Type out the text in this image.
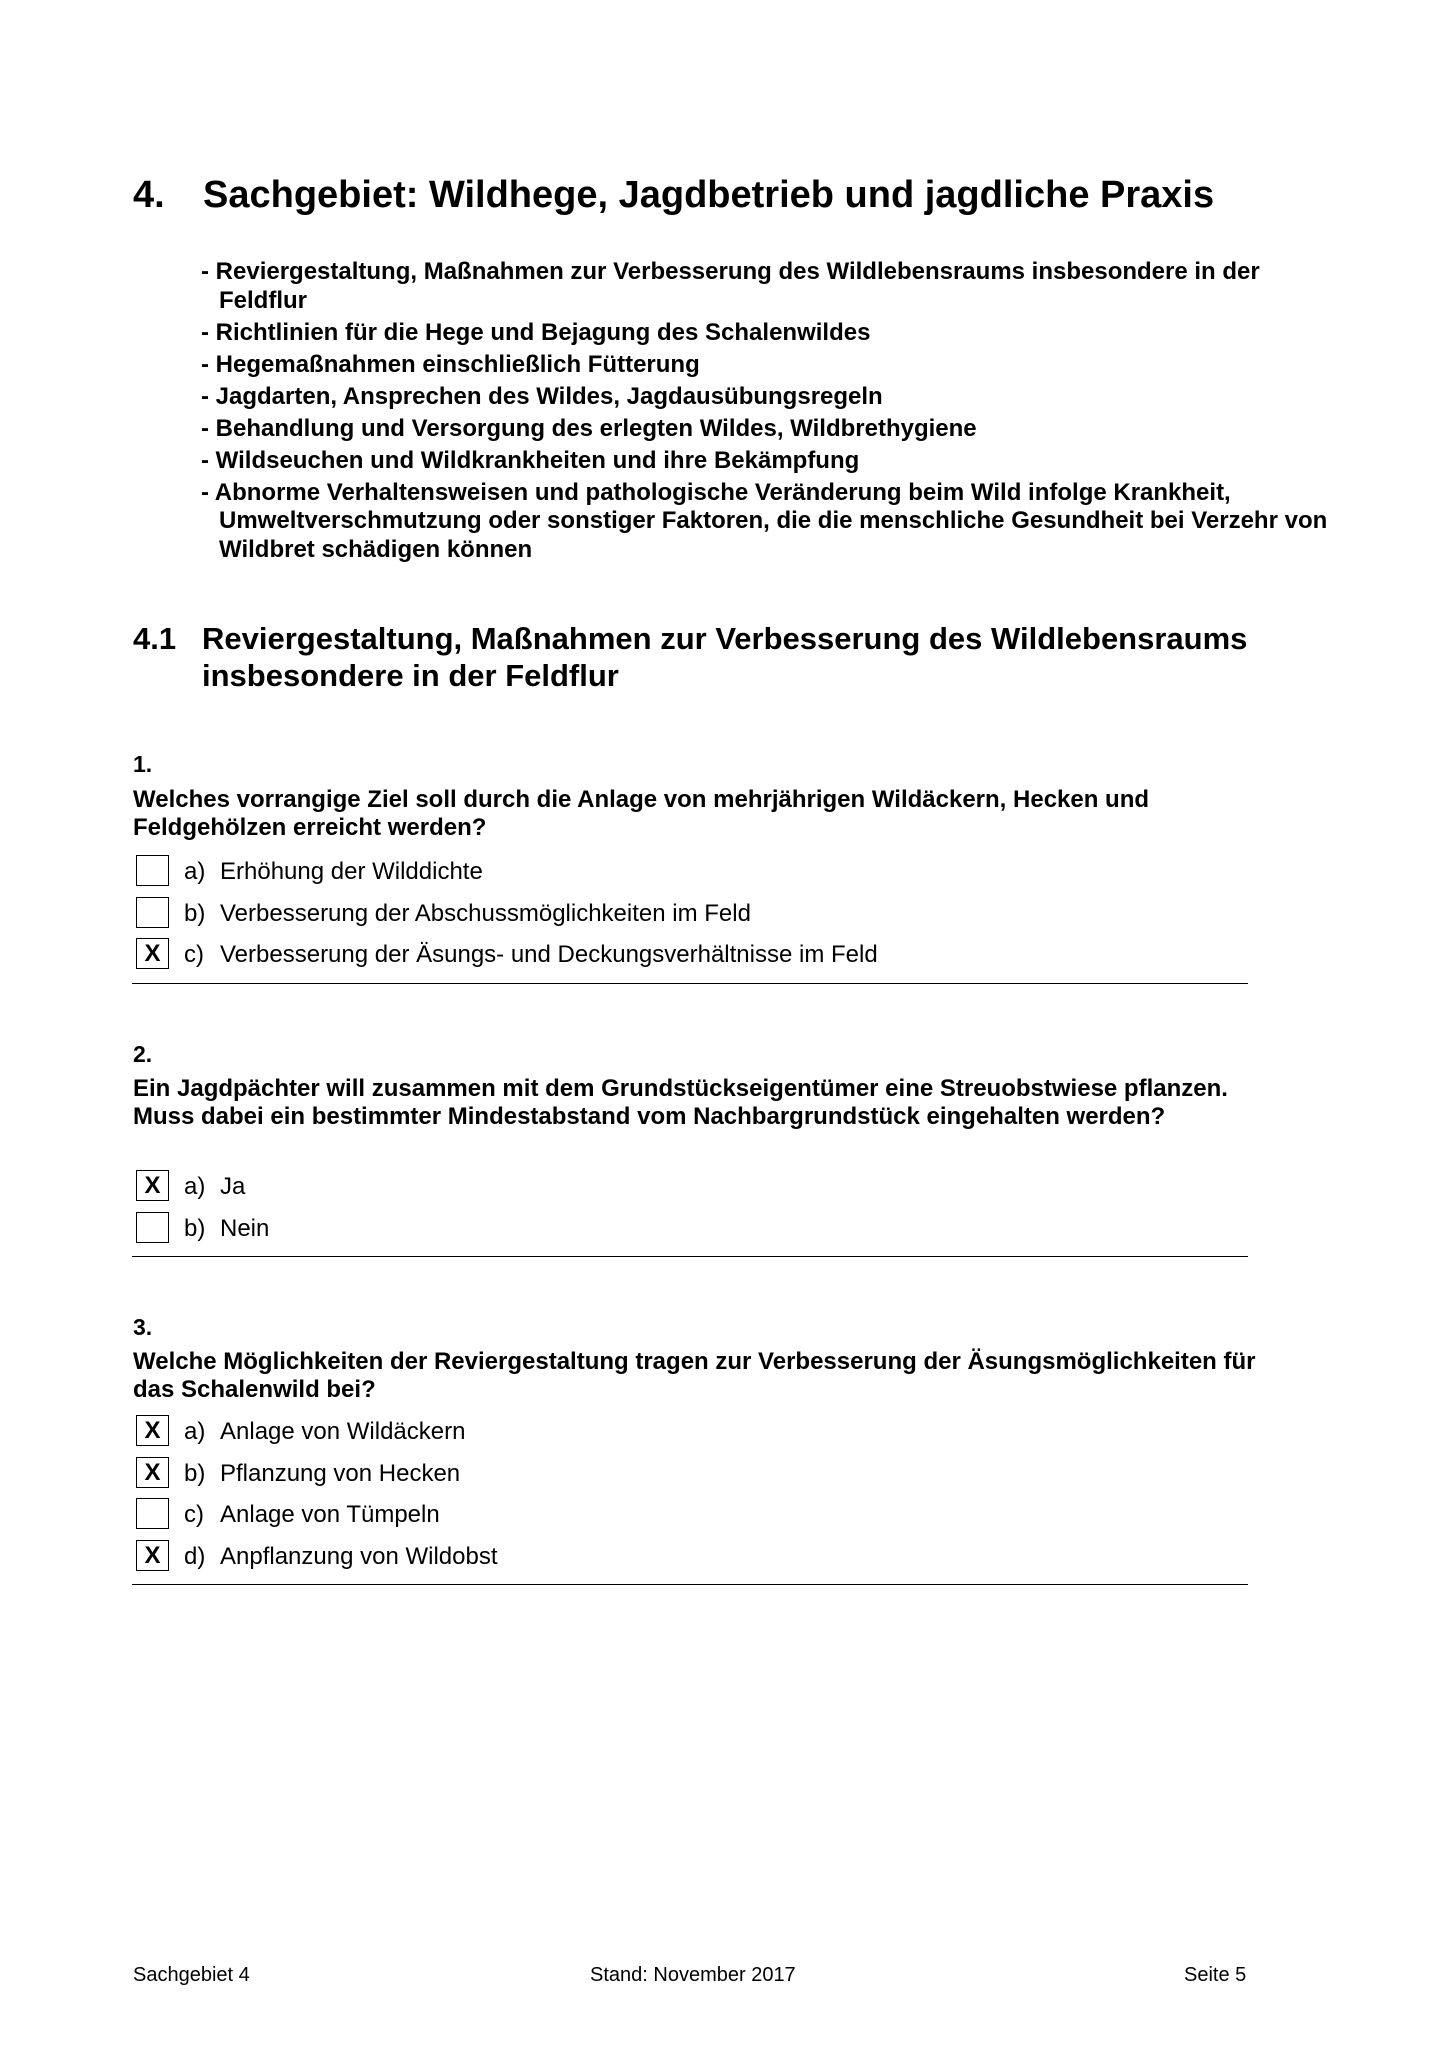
4. Sachgebiet: Wildhege, Jagdbetrieb und jagdliche Praxis
- Reviergestaltung, Maßnahmen zur Verbesserung des Wildlebensraums insbesondere in der Feldflur
- Richtlinien für die Hege und Bejagung des Schalenwildes
- Hegemaßnahmen einschließlich Fütterung
- Jagdarten, Ansprechen des Wildes, Jagdausübungsregeln
- Behandlung und Versorgung des erlegten Wildes, Wildbrethygiene
- Wildseuchen und Wildkrankheiten und ihre Bekämpfung
- Abnorme Verhaltensweisen und pathologische Veränderung beim Wild infolge Krankheit, Umweltverschmutzung oder sonstiger Faktoren, die die menschliche Gesundheit bei Verzehr von Wildbret schädigen können
4.1 Reviergestaltung, Maßnahmen zur Verbesserung des Wildlebensraums insbesondere in der Feldflur
1.
Welches vorrangige Ziel soll durch die Anlage von mehrjährigen Wildäckern, Hecken und Feldgehölzen erreicht werden?
a) Erhöhung der Wilddichte
b) Verbesserung der Abschussmöglichkeiten im Feld
X c) Verbesserung der Äsungs- und Deckungsverhältnisse im Feld
2.
Ein Jagdpächter will zusammen mit dem Grundstückseigentümer eine Streuobstwiese pflanzen. Muss dabei ein bestimmter Mindestabstand vom Nachbargrundstück eingehalten werden?
X a) Ja
b) Nein
3.
Welche Möglichkeiten der Reviergestaltung tragen zur Verbesserung der Äsungsmöglichkeiten für das Schalenwild bei?
X a) Anlage von Wildäckern
X b) Pflanzung von Hecken
c) Anlage von Tümpeln
X d) Anpflanzung von Wildobst
Sachgebiet 4	Stand: November 2017	Seite 5
